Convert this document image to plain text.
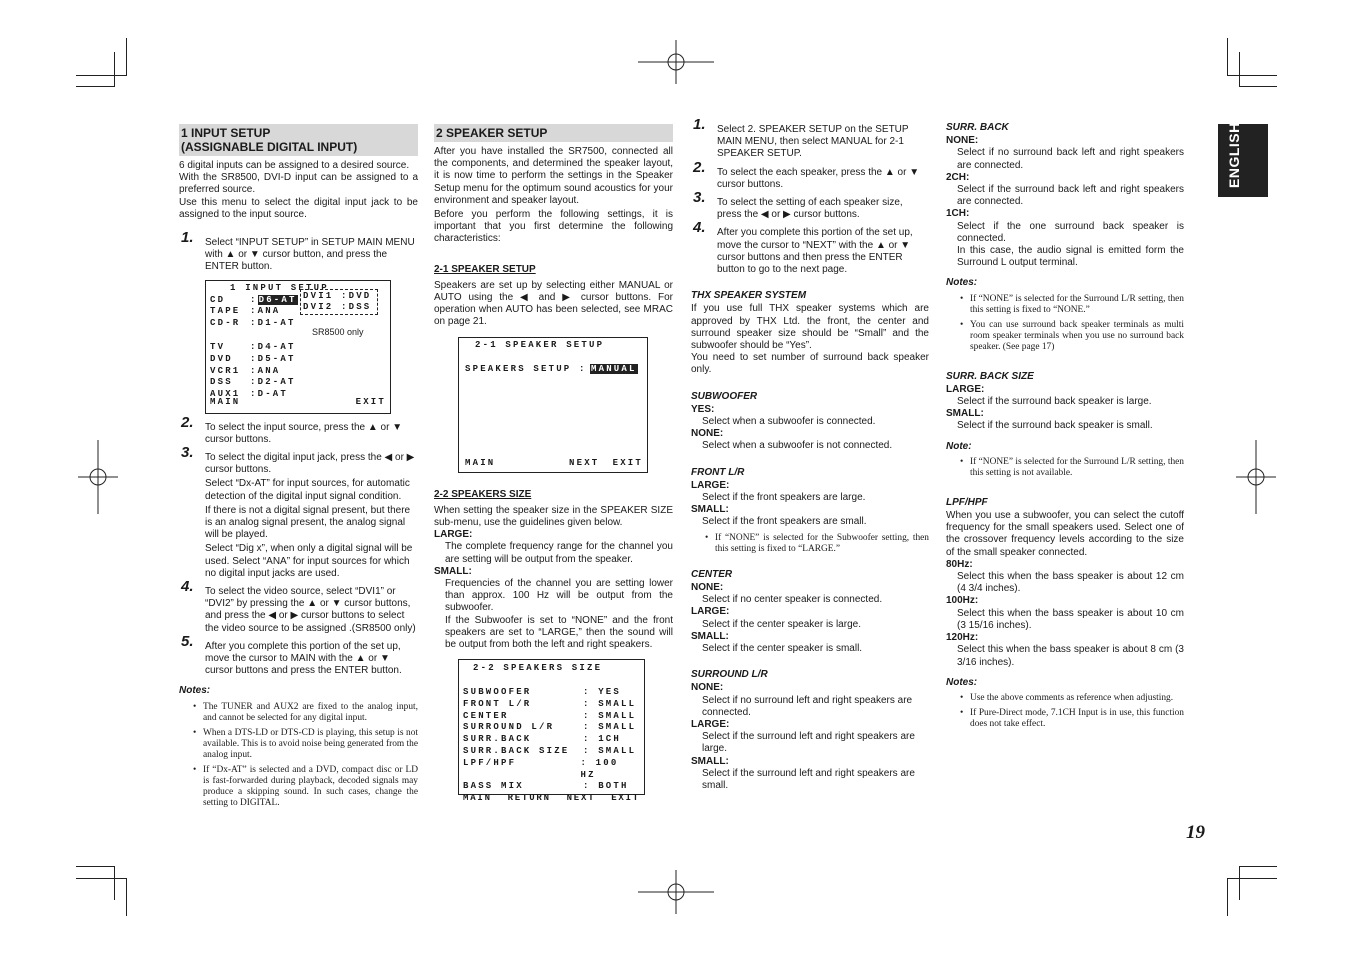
ENGLISH
19
1 INPUT SETUP
(ASSIGNABLE DIGITAL INPUT)

6 digital inputs can be assigned to a desired source.

With the SR8500, DVI-D input can be assigned to a preferred source.

Use this menu to select the digital input jack to be assigned to the input source.

1. Select “INPUT SETUP” in SETUP MAIN MENU with ▲ or ▼ cursor button, and press the ENTER button.
1 INPUT SETUP
CD	:D6-AT
TAPE	:ANA
CD-R	:D1-AT
TV	:D4-AT
DVD	:D5-AT
VCR1	:ANA
DSS	:D2-AT
AUX1	:D-AT
DVI1 :DVD
DVI2 :DSS
SR8500 only
MAIN	EXIT
2. To select the input source, press the ▲ or ▼ cursor buttons.
3. To select the digital input jack, press the ◀ or ▶ cursor buttons.
Select “Dx-AT” for input sources, for automatic detection of the digital input signal condition.
If there is not a digital signal present, but there is an analog signal present, the analog signal will be played.
Select “Dig x”, when only a digital signal will be used. Select “ANA” for input sources for which no digital input jacks are used.
4. To select the video source, select “DVI1” or “DVI2” by pressing the ▲ or ▼ cursor buttons, and press the ◀ or ▶ cursor buttons to select the video source to be assigned .(SR8500 only)
5. After you complete this portion of the set up, move the cursor to MAIN with the ▲ or ▼ cursor buttons and press the ENTER button.
Notes:
• The TUNER and AUX2 are fixed to the analog input, and cannot be selected for any digital input.
• When a DTS-LD or DTS-CD is playing, this setup is not available. This is to avoid noise being generated from the analog input.
• If “Dx-AT” is selected and a DVD, compact disc or LD is fast-forwarded during playback, decoded signals may produce a skipping sound. In such cases, change the setting to DIGITAL.
2 SPEAKER SETUP

After you have installed the SR7500, connected all the components, and determined the speaker layout, it is now time to perform the settings in the Speaker Setup menu for the optimum sound acoustics for your environment and speaker layout.

Before you perform the following settings, it is important that you first determine the following characteristics:

2-1 SPEAKER SETUP

Speakers are set up by selecting either MANUAL or AUTO using the ◀ and ▶ cursor buttons. For operation when AUTO has been selected, see MRAC on page 21.

2-1 SPEAKER SETUP
SPEAKERS SETUP : MANUAL
MAIN	NEXT EXIT
2-2 SPEAKERS SIZE

When setting the speaker size in the SPEAKER SIZE sub-menu, use the guidelines given below.

LARGE:
The complete frequency range for the channel you are setting will be output from the speaker.
SMALL:
Frequencies of the channel you are setting lower than approx. 100 Hz will be output from the subwoofer.
If the Subwoofer is set to “NONE” and the front speakers are set to “LARGE,” then the sound will be output from both the left and right speakers.
2-2 SPEAKERS SIZE
SUBWOOFER	: YES
FRONT L/R	: SMALL
CENTER	: SMALL
SURROUND L/R	: SMALL
SURR.BACK	: 1CH
SURR.BACK SIZE	: SMALL
LPF/HPF	: 100 HZ
BASS MIX	: BOTH
MAIN RETURN NEXT EXIT
1. Select 2. SPEAKER SETUP on the SETUP MAIN MENU, then select MANUAL for 2-1 SPEAKER SETUP.
2. To select the each speaker, press the ▲ or ▼ cursor buttons.
3. To select the setting of each speaker size, press the ◀ or ▶ cursor buttons.
4. After you complete this portion of the set up, move the cursor to “NEXT” with the ▲ or ▼ cursor buttons and then press the ENTER button to go to the next page.
THX SPEAKER SYSTEM

If you use full THX speaker systems which are approved by THX Ltd. the front, the center and surround speaker size should be “Small” and the subwoofer should be “Yes”.

You need to set number of surround back speaker only.

SUBWOOFER
YES:
Select when a subwoofer is connected.
NONE:
Select when a subwoofer is not connected.
FRONT L/R
LARGE:
Select if the front speakers are large.
SMALL:
Select if the front speakers are small.
• If “NONE” is selected for the Subwoofer setting, then this setting is fixed to “LARGE.”
CENTER
NONE:
Select if no center speaker is connected.
LARGE:
Select if the center speaker is large.
SMALL:
Select if the center speaker is small.
SURROUND L/R
NONE:
Select if no surround left and right speakers are connected.
LARGE:
Select if the surround left and right speakers are large.
SMALL:
Select if the surround left and right speakers are small.
SURR. BACK
NONE:
Select if no surround back left and right speakers are connected.
2CH:
Select if the surround back left and right speakers are connected.
1CH:
Select if the one surround back speaker is connected.
In this case, the audio signal is emitted form the Surround L output terminal.
Notes:
• If “NONE” is selected for the Surround L/R setting, then this setting is fixed to “NONE.”
• You can use surround back speaker terminals as multi room speaker terminals when you use no surround back speaker. (See page 17)
SURR. BACK SIZE
LARGE:
Select if the surround back speaker is large.
SMALL:
Select if the surround back speaker is small.
Note:
• If “NONE” is selected for the Surround L/R setting, then this setting is not available.
LPF/HPF

When you use a subwoofer, you can select the cutoff frequency for the small speakers used. Select one of the crossover frequency levels according to the size of the small speaker connected.

80Hz:
Select this when the bass speaker is about 12 cm (4 3/4 inches).
100Hz:
Select this when the bass speaker is about 10 cm (3 15/16 inches).
120Hz:
Select this when the bass speaker is about 8 cm (3 3/16 inches).
Notes:
• Use the above comments as reference when adjusting.
• If Pure-Direct mode, 7.1CH Input is in use, this function does not take effect.
